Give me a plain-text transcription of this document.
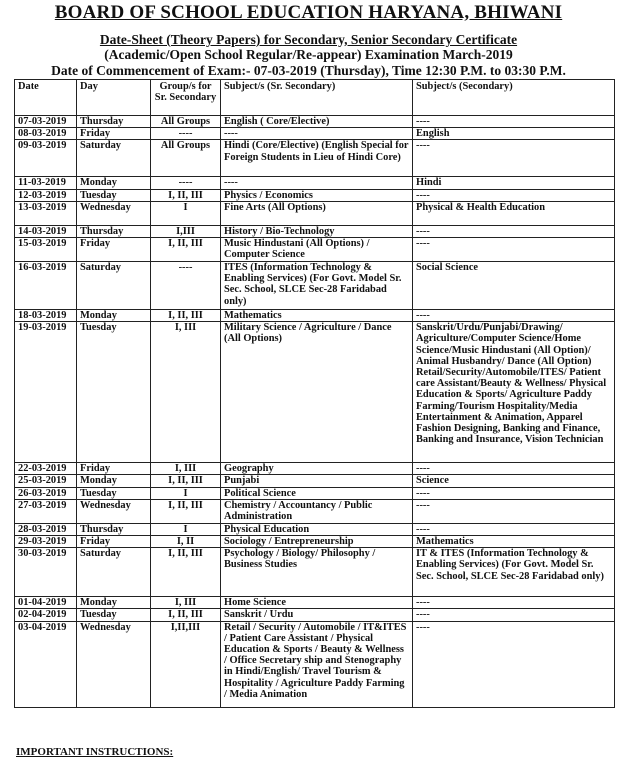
BOARD OF SCHOOL EDUCATION HARYANA, BHIWANI
Date-Sheet (Theory Papers) for Secondary, Senior Secondary Certificate
(Academic/Open School Regular/Re-appear) Examination March-2019
Date of Commencement of Exam:- 07-03-2019 (Thursday), Time 12:30 P.M. to 03:30 P.M.
Date	Day	Group/s for Sr. Secondary	Subject/s (Sr. Secondary)	Subject/s (Secondary)
07-03-2019	Thursday	All Groups	English ( Core/Elective)	----
08-03-2019	Friday	----	----	English
09-03-2019	Saturday	All Groups	Hindi (Core/Elective) (English Special for Foreign Students in Lieu of Hindi Core)	----
11-03-2019	Monday	----	----	Hindi
12-03-2019	Tuesday	I, II, III	Physics / Economics	----
13-03-2019	Wednesday	I	Fine Arts (All Options)	Physical & Health Education
14-03-2019	Thursday	I,III	History / Bio-Technology	----
15-03-2019	Friday	I, II, III	Music Hindustani (All Options) / Computer Science	----
16-03-2019	Saturday	----	ITES (Information Technology & Enabling Services) (For Govt. Model Sr. Sec. School, SLCE Sec-28 Faridabad only)	Social Science
18-03-2019	Monday	I, II, III	Mathematics	----
19-03-2019	Tuesday	I, III	Military Science / Agriculture / Dance (All Options)	Sanskrit/Urdu/Punjabi/Drawing/ Agriculture/Computer Science/Home Science/Music Hindustani (All Option)/ Animal Husbandry/ Dance (All Option) Retail/Security/Automobile/ITES/ Patient care Assistant/Beauty & Wellness/ Physical Education & Sports/ Agriculture Paddy Farming/Tourism Hospitality/Media Entertainment & Animation, Apparel Fashion Designing, Banking and Finance, Banking and Insurance, Vision Technician
22-03-2019	Friday	I, III	Geography	----
25-03-2019	Monday	I, II, III	Punjabi	Science
26-03-2019	Tuesday	I	Political Science	----
27-03-2019	Wednesday	I, II, III	Chemistry / Accountancy / Public Administration	----
28-03-2019	Thursday	I	Physical Education	----
29-03-2019	Friday	I, II	Sociology / Entrepreneurship	Mathematics
30-03-2019	Saturday	I, II, III	Psychology / Biology/ Philosophy / Business Studies	IT & ITES (Information Technology & Enabling Services) (For Govt. Model Sr. Sec. School, SLCE Sec-28 Faridabad only)
01-04-2019	Monday	I, III	Home Science	----
02-04-2019	Tuesday	I, II, III	Sanskrit / Urdu	----
03-04-2019	Wednesday	I,II,III	Retail / Security / Automobile / IT&ITES / Patient Care Assistant / Physical Education & Sports / Beauty & Wellness / Office Secretary ship and Stenography in Hindi/English/ Travel Tourism & Hospitality / Agriculture Paddy Farming / Media Animation	----
IMPORTANT INSTRUCTIONS:
